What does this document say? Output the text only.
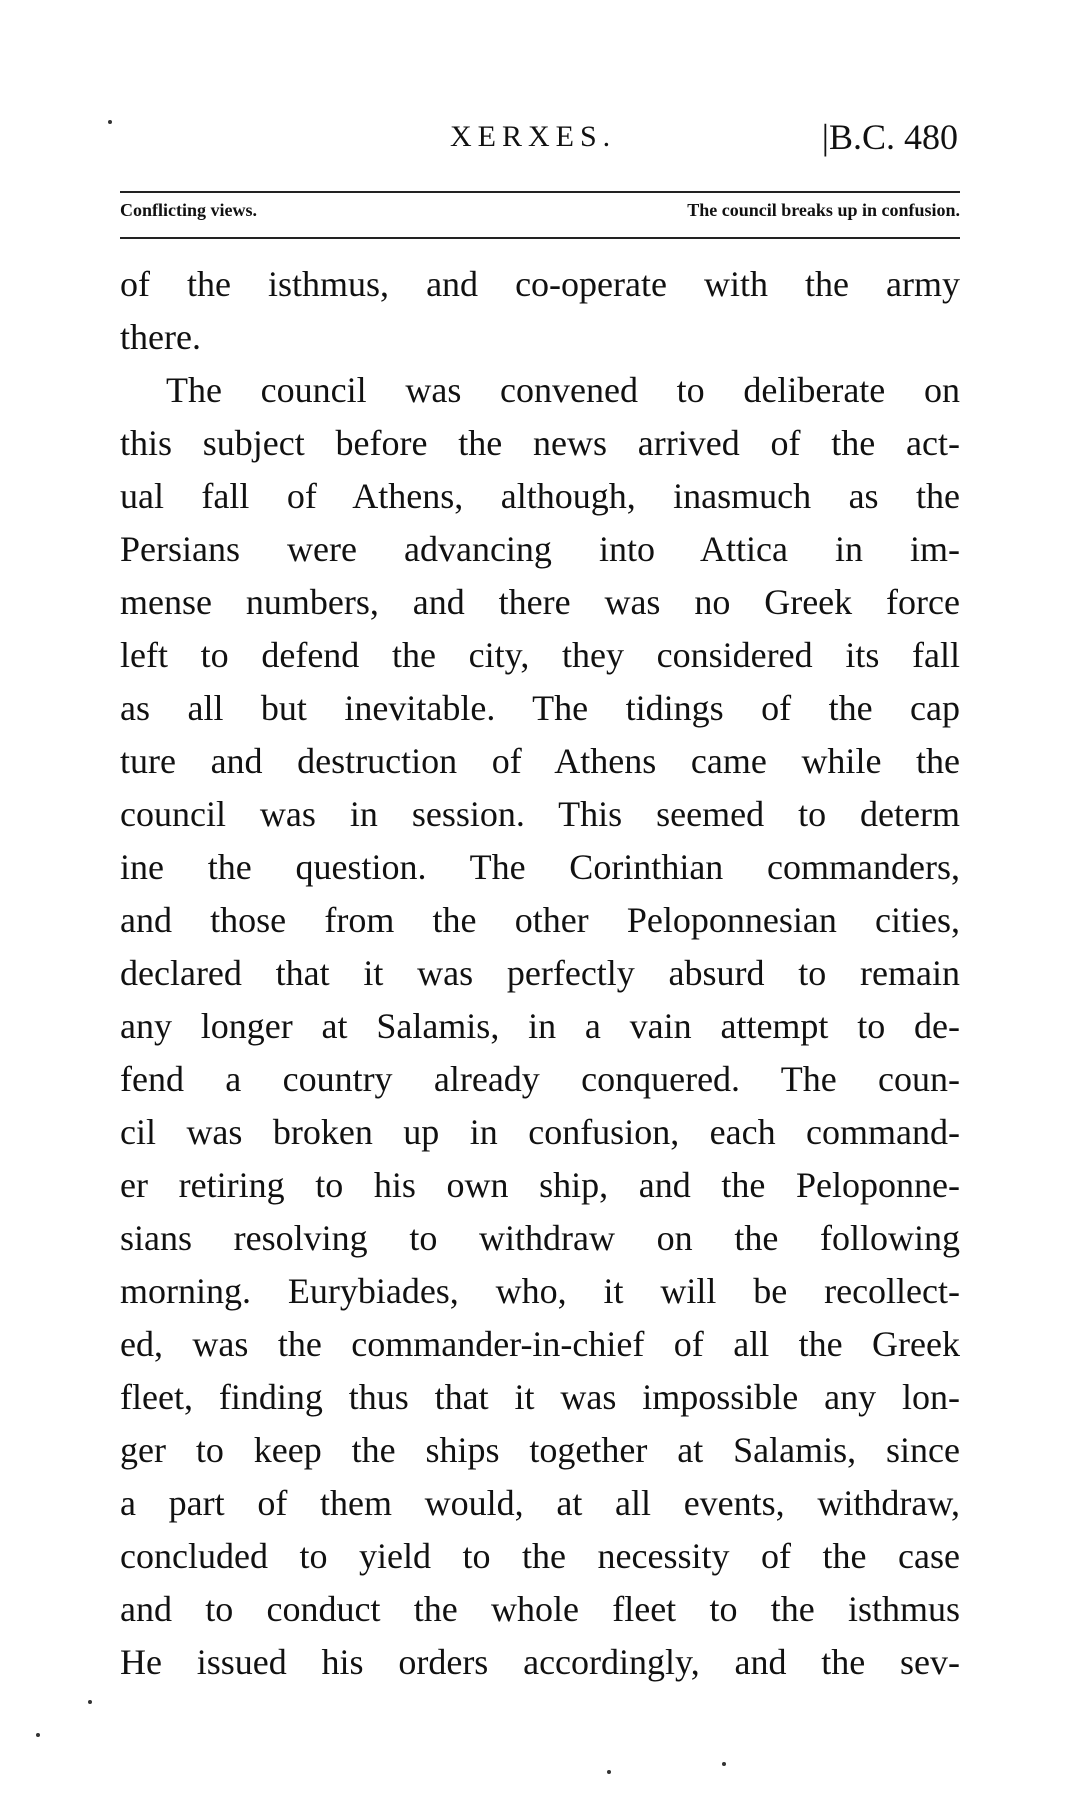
XERXES.	|B.C. 480
Conflicting views.	The council breaks up in confusion.
of the isthmus, and co-operate with the army
there.
The council was convened to deliberate on
this subject before the news arrived of the act-
ual fall of Athens, although, inasmuch as the
Persians were advancing into Attica in im-
mense numbers, and there was no Greek force
left to defend the city, they considered its fall
as all but inevitable. The tidings of the cap
ture and destruction of Athens came while the
council was in session. This seemed to determ
ine the question. The Corinthian commanders,
and those from the other Peloponnesian cities,
declared that it was perfectly absurd to remain
any longer at Salamis, in a vain attempt to de-
fend a country already conquered. The coun-
cil was broken up in confusion, each command-
er retiring to his own ship, and the Peloponne-
sians resolving to withdraw on the following
morning. Eurybiades, who, it will be recollect-
ed, was the commander-in-chief of all the Greek
fleet, finding thus that it was impossible any lon-
ger to keep the ships together at Salamis, since
a part of them would, at all events, withdraw,
concluded to yield to the necessity of the case
and to conduct the whole fleet to the isthmus
He issued his orders accordingly, and the sev-
